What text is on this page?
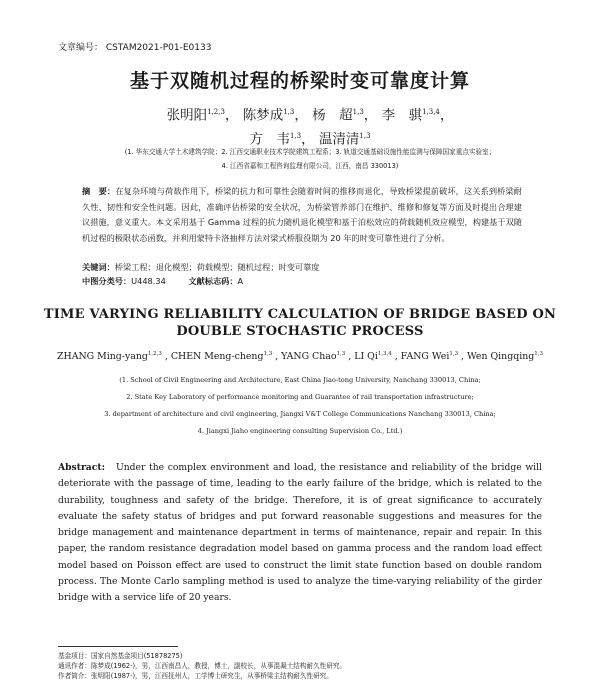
文章编号： CSTAM2021-P01-E0133
基于双随机过程的桥梁时变可靠度计算
张明阳$^{1,2,3}$， 陈梦成$^{1,3}$， 杨　超$^{1,3}$， 李　骐$^{1,3,4}$，
方　韦$^{1,3}$， 温清清$^{1,3}$
(1. 华东交通大学土木建筑学院；2. 江西交通职业技术学院建筑工程系；3. 轨道交通基础设施性能监测与保障国家重点实验室；
4. 江西省嘉和工程咨询监理有限公司，江西，南昌 330013)
摘　要：在复杂环境与荷载作用下，桥梁的抗力和可靠性会随着时间的推移而退化，导致桥梁提前破坏，这关系到桥梁耐久性、韧性和安全性问题。因此，准确评估桥梁的安全状况，为桥梁管养部门在维护、维修和修复等方面及时提出合理建议措施，意义重大。本文采用基于 Gamma 过程的抗力随机退化模型和基于泊松效应的荷载随机效应模型，构建基于双随机过程的极限状态函数，并利用蒙特卡洛抽样方法对梁式桥服役期为 20 年的时变可靠性进行了分析。
关键词：桥梁工程；退化模型；荷载模型；随机过程；时变可靠度
中图分类号：U448.34	文献标志码：A
TIME VARYING RELIABILITY CALCULATION OF BRIDGE BASED ON
DOUBLE STOCHASTIC PROCESS
ZHANG Ming-yang$^{1,2,3}$ , CHEN Meng-cheng$^{1,3}$ , YANG Chao$^{1,3}$ , LI Qi$^{1,3,4}$ , FANG Wei$^{1,3}$ , Wen Qingqing$^{1,3}$
(1. School of Civil Engineering and Architecture, East China Jiao-tong University, Nanchang 330013, China;
2. State Key Laboratory of performance monitoring and Guarantee of rail transportation infrastructure;
3. department of architecture and civil engineering, Jiangxi V&T College Communications Nanchang 330013, China;
4. Jiangxi Jiaho engineering consulting Supervision Co., Ltd.)
Abstract: Under the complex environment and load, the resistance and reliability of the bridge will deteriorate with the passage of time, leading to the early failure of the bridge, which is related to the durability, toughness and safety of the bridge. Therefore, it is of great significance to accurately evaluate the safety status of bridges and put forward reasonable suggestions and measures for the bridge management and maintenance department in terms of maintenance, repair and repair. In this paper, the random resistance degradation model based on gamma process and the random load effect model based on Poisson effect are used to construct the limit state function based on double random process. The Monte Carlo sampling method is used to analyze the time-varying reliability of the girder bridge with a service life of 20 years.
基金项目：国家自然基金项目(51878275)
通讯作者：陈梦成(1962-)，男，江西南昌人，教授，博士，副校长，从事混凝土结构耐久性研究。
作者简介：张明阳(1987-)，男，江西抚州人，工学博士研究生，从事桥梁主结构耐久性研究。
